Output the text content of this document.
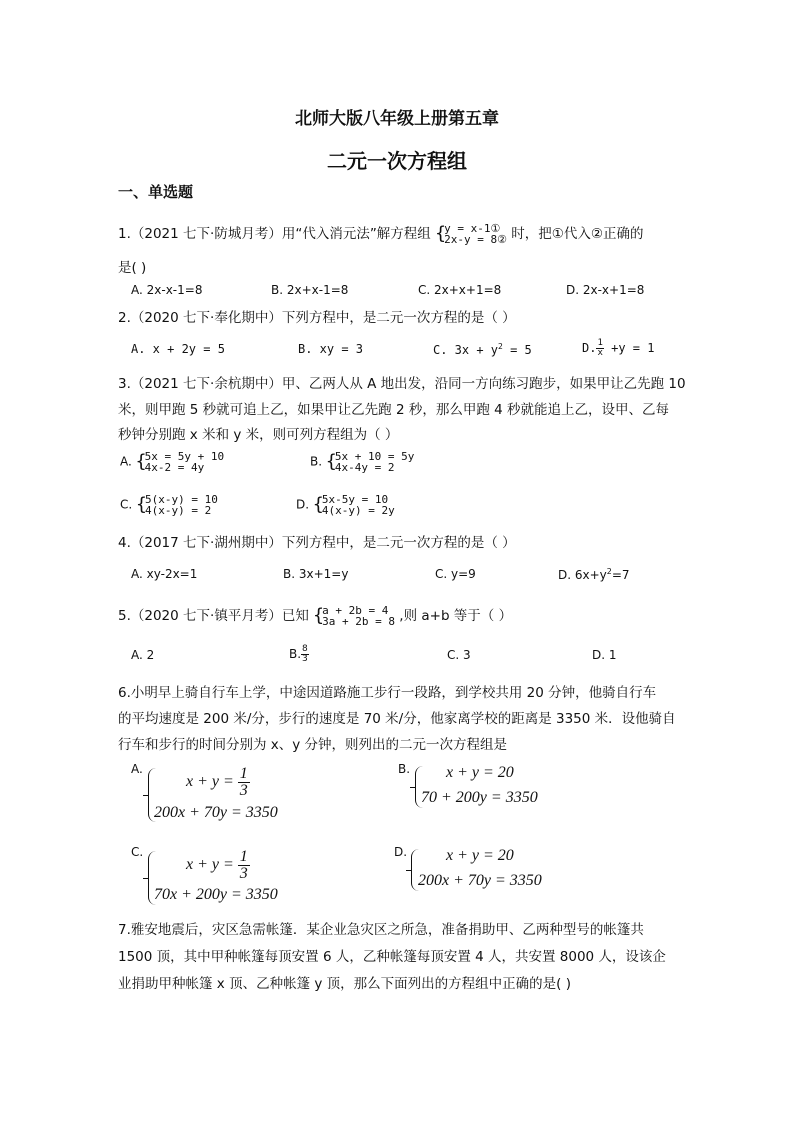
北师大版八年级上册第五章
二元一次方程组
一、单选题
1.（2021 七下·防城月考）用“代入消元法”解方程组 { y = x-1①
2x-y = 8② 时，把①代入②正确的
是( )
A. 2x-x-1=8	B. 2x+x-1=8	C. 2x+x+1=8	D. 2x-x+1=8
2.（2020 七下·奉化期中）下列方程中，是二元一次方程的是（ ）
A. x + 2y = 5	B. xy = 3	C. $3x + y^2 = 5$	D. $\frac{1}{x} +y = 1$
3.（2021 七下·余杭期中）甲、乙两人从 A 地出发，沿同一方向练习跑步，如果甲让乙先跑 10
米，则甲跑 5 秒就可追上乙，如果甲让乙先跑 2 秒，那么甲跑 4 秒就能追上乙，设甲、乙每
秒钟分别跑 x 米和 y 米，则可列方程组为（ ）
A. { 5x = 5y + 10
4x-2 = 4y	B. { 5x + 10 = 5y
4x-4y = 2
C. { 5(x-y) = 10
4(x-y) = 2	D. { 5x-5y = 10
4(x-y) = 2y
4.（2017 七下·湖州期中）下列方程中，是二元一次方程的是（ ）
A. xy-2x=1	B. 3x+1=y	C. y=9	D. $6x+y^2=7$
5.（2020 七下·镇平月考）已知 { a + 2b = 4
3a + 2b = 8 ,则 a+b 等于（ ）
A. 2	B. $\frac{8}{3}$	C. 3	D. 1
6.小明早上骑自行车上学，中途因道路施工步行一段路，到学校共用 20 分钟，他骑自行车
的平均速度是 200 米/分，步行的速度是 70 米/分，他家离学校的距离是 3350 米．设他骑自
行车和步行的时间分别为 x、y 分钟，则列出的二元一次方程组是
A.
$x + y = \frac{1}{3}$
200x + 70y = 3350
B. x + y = 20
70 + 200y = 3350
C.
$x + y = \frac{1}{3}$
70x + 200y = 3350
D. x + y = 20
200x + 70y = 3350
7.雅安地震后，灾区急需帐篷．某企业急灾区之所急，准备捐助甲、乙两种型号的帐篷共
1500 顶，其中甲种帐篷每顶安置 6 人，乙种帐篷每顶安置 4 人，共安置 8000 人，设该企
业捐助甲种帐篷 x 顶、乙种帐篷 y 顶，那么下面列出的方程组中正确的是( )
